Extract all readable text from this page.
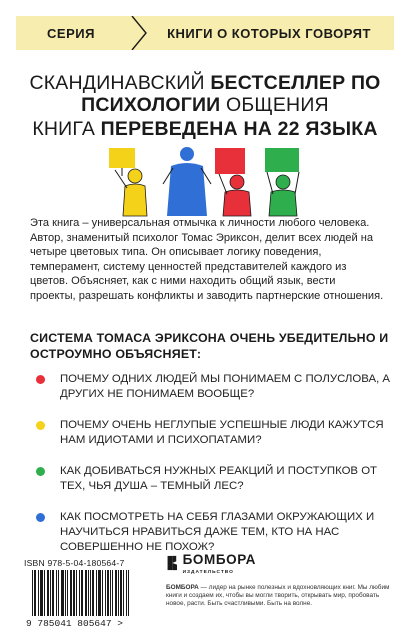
СЕРИЯ	КНИГИ О КОТОРЫХ ГОВОРЯТ
СКАНДИНАВСКИЙ БЕСТСЕЛЛЕР ПО ПСИХОЛОГИИ ОБЩЕНИЯ
КНИГА ПЕРЕВЕДЕНА НА 22 ЯЗЫКА
Эта книга – универсальная отмычка к личности любого человека. Автор, знаменитый психолог Томас Эриксон, делит всех людей на четыре цветовых типа. Он описывает логику поведения, темперамент, систему ценностей представителей каждого из цветов. Объясняет, как с ними находить общий язык, вести проекты, разрешать конфликты и заводить партнерские отношения.
СИСТЕМА ТОМАСА ЭРИКСОНА ОЧЕНЬ УБЕДИТЕЛЬНО И ОСТРОУМНО ОБЪЯСНЯЕТ:
ПОЧЕМУ ОДНИХ ЛЮДЕЙ МЫ ПОНИМАЕМ С ПОЛУСЛОВА, А ДРУГИХ НЕ ПОНИМАЕМ ВООБЩЕ?
ПОЧЕМУ ОЧЕНЬ НЕГЛУПЫЕ УСПЕШНЫЕ ЛЮДИ КАЖУТСЯ НАМ ИДИОТАМИ И ПСИХОПАТАМИ?
КАК ДОБИВАТЬСЯ НУЖНЫХ РЕАКЦИЙ И ПОСТУПКОВ ОТ ТЕХ, ЧЬЯ ДУША – ТЕМНЫЙ ЛЕС?
КАК ПОСМОТРЕТЬ НА СЕБЯ ГЛАЗАМИ ОКРУЖАЮЩИХ И НАУЧИТЬСЯ НРАВИТЬСЯ ДАЖЕ ТЕМ, КТО НА НАС СОВЕРШЕННО НЕ ПОХОЖ?
ISBN 978-5-04-180564-7
9 785041 805647 >
БОМБОРА
ИЗДАТЕЛЬСТВО
БОМБОРА — лидер на рынке полезных и вдохновляющих книг. Мы любим книги и создаем их, чтобы вы могли творить, открывать мир, пробовать новое, расти. Быть счастливыми. Быть на волне.
